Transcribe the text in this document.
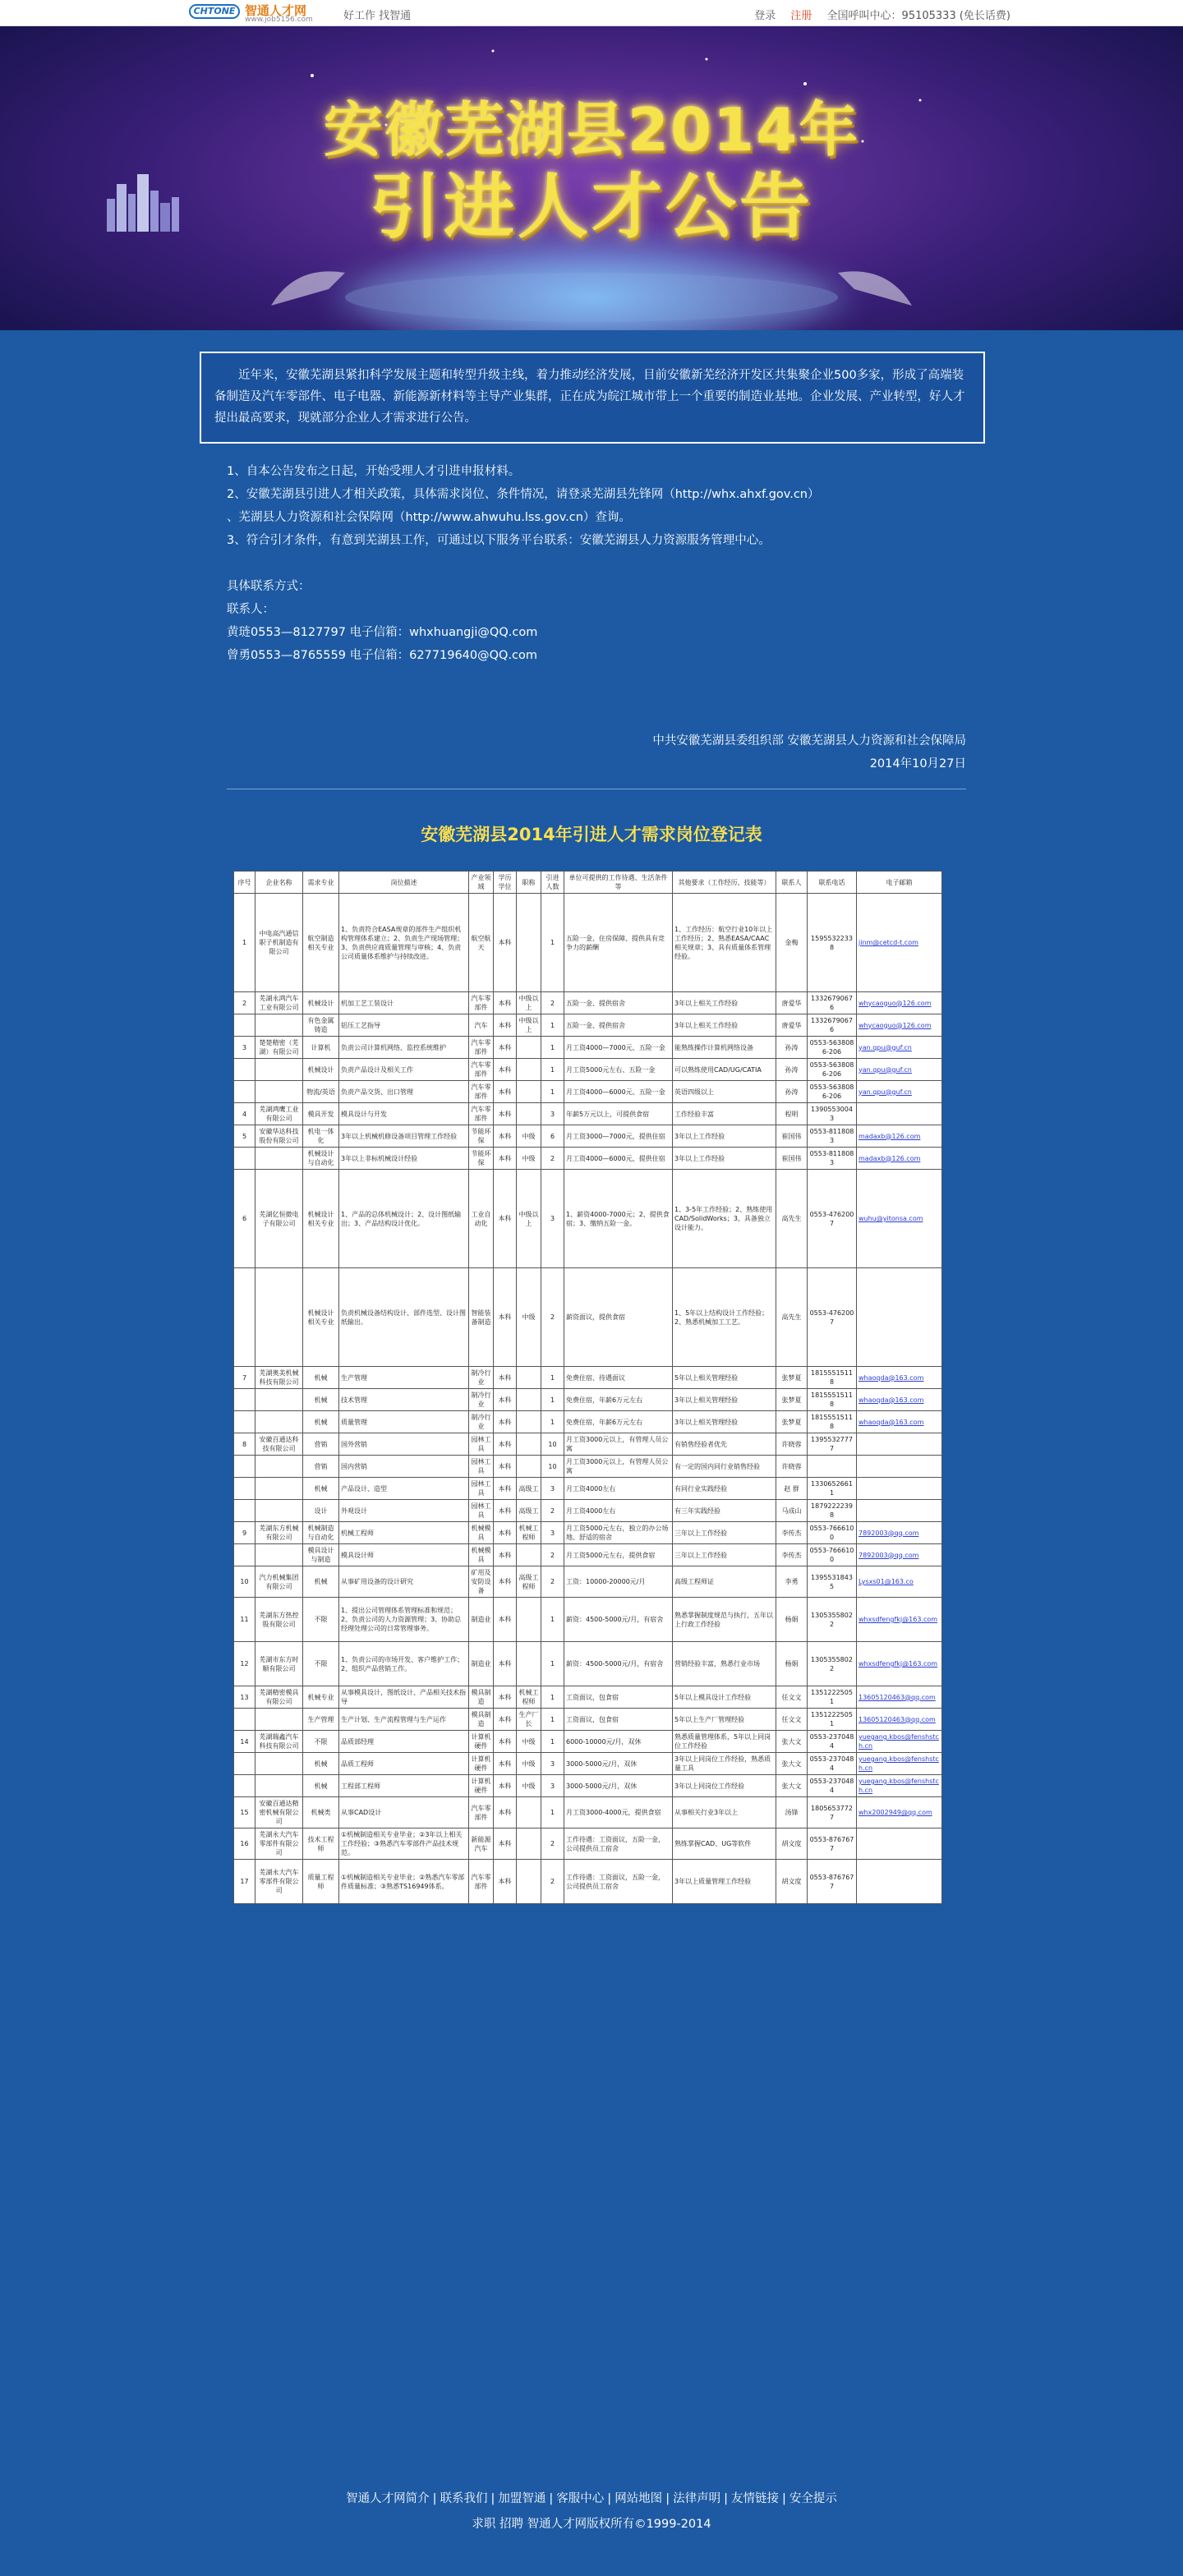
CHTONE 智通人才网
www.job5156.com	好工作 找智通	登录 注册 全国呼叫中心：95105333 (免长话费)
安徽芜湖县2014年
引进人才公告

近年来，安徽芜湖县紧扣科学发展主题和转型升级主线，着力推动经济发展，目前安徽新芜经济开发区共集聚企业500多家，形成了高端装备制造及汽车零部件、电子电器、新能源新材料等主导产业集群，正在成为皖江城市带上一个重要的制造业基地。企业发展、产业转型，好人才提出最高要求，现就部分企业人才需求进行公告。

1、自本公告发布之日起，开始受理人才引进申报材料。
2、安徽芜湖县引进人才相关政策，具体需求岗位、条件情况，请登录芜湖县先锋网（http://whx.ahxf.gov.cn）
、芜湖县人力资源和社会保障网（http://www.ahwuhu.lss.gov.cn）查询。
3、符合引才条件，有意到芜湖县工作，可通过以下服务平台联系：安徽芜湖县人力资源服务管理中心。
具体联系方式：
联系人：
黄琏0553—8127797 电子信箱：whxhuangji@QQ.com
曾勇0553—8765559 电子信箱：627719640@QQ.com
中共安徽芜湖县委组织部 安徽芜湖县人力资源和社会保障局
2014年10月27日
安徽芜湖县2014年引进人才需求岗位登记表
序号	企业名称	需求专业	岗位描述	产业领域	学历学位	职称	引进人数	单位可提供的工作待遇、生活条件等	其他要求（工作经历、技能等）	联系人	联系电话	电子邮箱
1	中电高汽通信职子机制造有限公司	航空制造相关专业	1、负责符合EASA规章的部件生产组织机构管理体系建立；2、负责生产现场管理；3、负责供应商质量管理与审核；4、负责公司质量体系维护与持续改进。	航空航天	本科		1	五险一金、住房保障、提供具有竞争力的薪酬	1、工作经历：航空行业10年以上工作经历；2、熟悉EASA/CAAC相关规章；3、具有质量体系管理经验。	金梅	15955322338	jinm@cetcd-t.com
2	芜湖永鸿汽车工业有限公司	机械设计	机加工艺工装设计	汽车零部件	本科	中级以上	2	五险一金、提供宿舍	3年以上相关工作经验	唐爱华	13326790676	whycaoguo@126.com
		有色金属铸造	铝压工艺指导	汽车	本科	中级以上	1	五险一金、提供宿舍	3年以上相关工作经验	唐爱华	13326790676	whycaoguo@126.com
3	楚楚精密（芜湖）有限公司	计算机	负责公司计算机网络、监控系统维护	汽车零部件	本科		1	月工资4000—7000元、五险一金	能熟练操作计算机网络设备	孙涛	0553-5638086-206	yan.qpu@guf.cn
		机械设计	负责产品设计及相关工作	汽车零部件	本科		1	月工资5000元左右、五险一金	可以熟练使用CAD/UG/CATIA	孙涛	0553-5638086-206	yan.qpu@guf.cn
		物流/英语	负责产品交货、出口管理	汽车零部件	本科		1	月工资4000—6000元、五险一金	英语四级以上	孙涛	0553-5638086-206	yan.qpu@guf.cn
4	芜湖鸿鹰工业有限公司	模具开发	模具设计与开发	汽车零部件	本科		3	年薪5万元以上，可提供食宿	工作经验丰富	程明	13905530043	
5	安徽华达科技股份有限公司	机电一体化	3年以上机械机修设备项目管理工作经验	节能环保	本科	中级	6	月工资3000—7000元，提供住宿	3年以上工作经验	崔国伟	0553-8118083	madaxb@126.com
		机械设计与自动化	3年以上非标机械设计经验	节能环保	本科	中级	2	月工资4000—6000元，提供住宿	3年以上工作经验	崔国伟	0553-8118083	madaxb@126.com
6	芜湖亿恒微电子有限公司	机械设计相关专业	1、产品的总体机械设计；2、设计图纸输出；3、产品结构设计优化。	工业自动化	本科	中级以上	3	1、薪资4000-7000元；2、提供食宿；3、缴纳五险一金。	1、3-5年工作经验；2、熟练使用CAD/SolidWorks；3、具备独立设计能力。	高先生	0553-4762007	wuhu@yitonsa.com
		机械设计相关专业	负责机械设备结构设计、部件选型、设计图纸输出。	智能装备制造	本科	中级	2	薪资面议，提供食宿	1、5年以上结构设计工作经验；2、熟悉机械加工工艺。	高先生	0553-4762007	
7	芜湖奥美机械科技有限公司	机械	生产管理	制冷行业	本科		1	免费住宿、待遇面议	5年以上相关管理经验	张梦夏	18155515118	whaoqda@163.com
		机械	技术管理	制冷行业	本科		1	免费住宿，年薪6万元左右	3年以上相关管理经验	张梦夏	18155515118	whaoqda@163.com
		机械	质量管理	制冷行业	本科		1	免费住宿，年薪6万元左右	3年以上相关管理经验	张梦夏	18155515118	whaoqda@163.com
8	安徽百通达科技有限公司	营销	国外营销	园林工具	本科		10	月工资3000元以上，有管理人员公寓	有销售经验者优先	许晓蓉	13955327777	
		营销	国内营销	园林工具	本科		10	月工资3000元以上，有管理人员公寓	有一定的国内同行业销售经验	许晓蓉		
		机械	产品设计、造型	园林工具	本科	高级工	3	月工资4000左右	有同行业实践经验	赵 群	13306526611	
		设计	外观设计	园林工具	本科	高级工	2	月工资4000左右	有三年实践经验	马成山	18792222398	
9	芜湖东方机械有限公司	机械制造与自动化	机械工程师	机械模具	本科	机械工程师	3	月工资5000元左右，独立的办公场地、舒适的宿舍	三年以上工作经验	李传杰	0553-7666100	7892003@qq.com
		模具设计与制造	模具设计师	机械模具	本科		2	月工资5000元左右，提供食宿	三年以上工作经验	李传杰	0553-7666100	7892003@qq.com
10	汽力机械集团有限公司	机械	从事矿用设备的设计研究	矿用及安防设备	本科	高级工程师	2	工资：10000-20000元/月	高级工程师证	李勇	13955318435	Lysxs01@163.co
11	芜湖东方热控股有限公司	不限	1、提出公司管理体系管理标准和规范；2、负责公司的人力资源管理；3、协助总经理处理公司的日常管理事务。	制造业	本科		1	薪资：4500-5000元/月，有宿舍	熟悉掌握制度规范与执行，五年以上行政工作经验	杨娟	13053558022	whxsdfengfkj@163.com
12	芜湖市东方时顺有限公司	不限	1、负责公司的市场开发、客户维护工作；2、组织产品营销工作。	制造业	本科		1	薪资：4500-5000元/月，有宿舍	营销经验丰富，熟悉行业市场	杨娟	13053558022	whxsdfengfkj@163.com
13	芜湖精密模具有限公司	机械专业	从事模具设计，图纸设计、产品相关技术指导	模具制造	本科	机械工程师	1	工资面议，包食宿	5年以上模具设计工作经验	任文文	13512225051	13605120463@qq.com
		生产管理	生产计划、生产流程管理与生产运作	模具制造	本科	生产厂长	1	工资面议，包食宿	5年以上生产厂管理经验	任文文	13512225051	13605120463@qq.com
14	芜湖瑞鑫汽车科技有限公司	不限	品质部经理	计算机硬件	本科	中级	1	6000-10000元/月，双休	熟悉质量管理体系，5年以上同岗位工作经验	张大文	0553-2370484	yuegang.kbos@fenshstch.cn
		机械	品质工程师	计算机硬件	本科	中级	3	3000-5000元/月，双休	3年以上同岗位工作经验，熟悉质量工具	张大文	0553-2370484	yuegang.kbos@fenshstch.cn
		机械	工程部工程师	计算机硬件	本科	中级	3	3000-5000元/月，双休	3年以上同岗位工作经验	张大文	0553-2370484	yuegang.kbos@fenshstch.cn
15	安徽百通达精密机械有限公司	机械类	从事CAD设计	汽车零部件	本科		1	月工资3000-4000元，提供食宿	从事相关行业3年以上	汤锋	18056537727	whx2002949@qq.com
16	芜湖永大汽车零部件有限公司	技术工程师	①机械制造相关专业毕业；②3年以上相关工作经验；③熟悉汽车零部件产品技术规范。	新能源汽车	本科		2	工作待遇：工资面议，五险一金，公司提供员工宿舍	熟练掌握CAD、UG等软件	胡文度	0553-8767677	
17	芜湖永大汽车零部件有限公司	质量工程师	①机械制造相关专业毕业；②熟悉汽车零部件质量标准；③熟悉TS16949体系。	汽车零部件	本科		2	工作待遇：工资面议，五险一金，公司提供员工宿舍	3年以上质量管理工作经验	胡文度	0553-8767677	
智通人才网简介 | 联系我们 | 加盟智通 | 客服中心 | 网站地图 | 法律声明 | 友情链接 | 安全提示
求职 招聘 智通人才网版权所有©1999-2014
